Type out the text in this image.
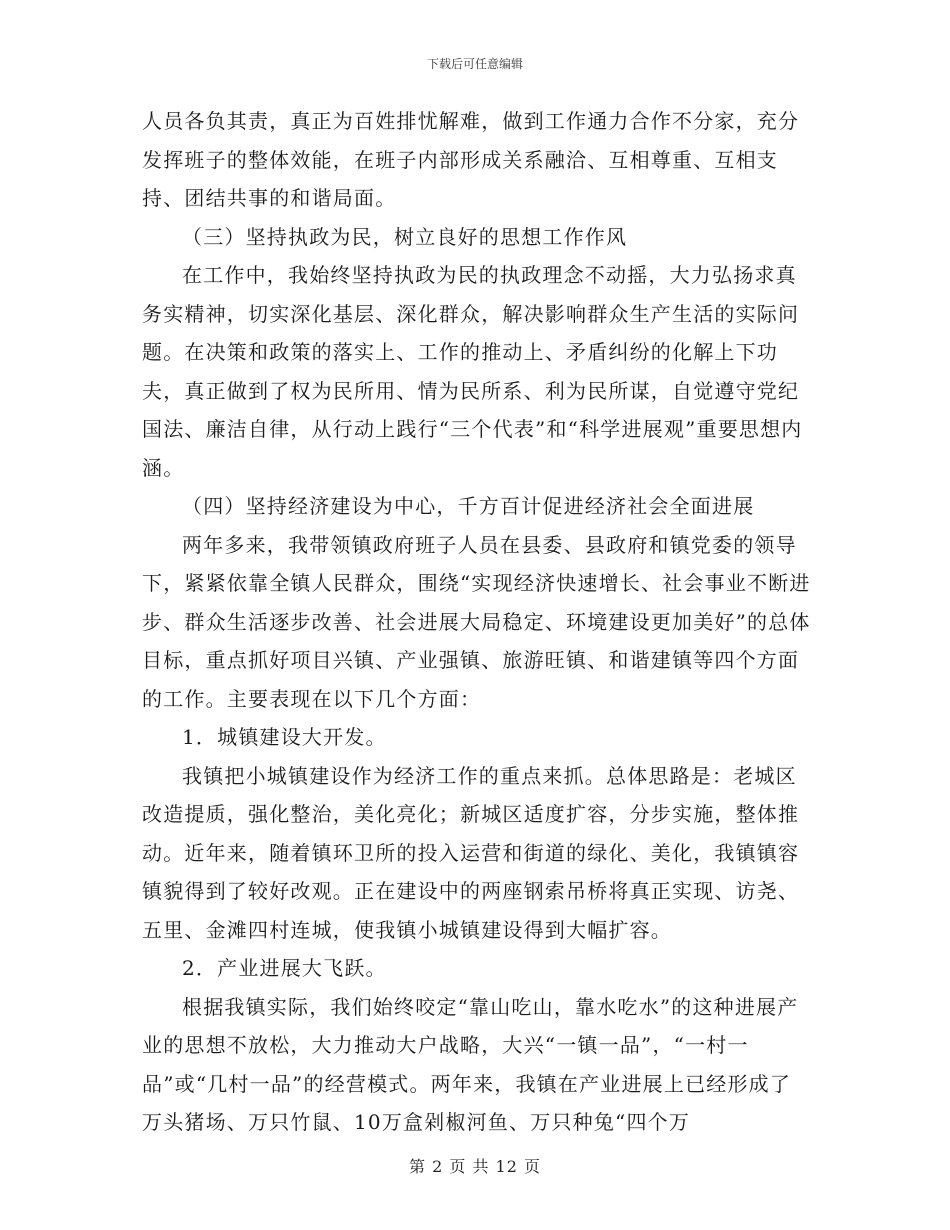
下载后可任意编辑

人员各负其责，真正为百姓排忧解难，做到工作通力合作不分家，充分发挥班子的整体效能，在班子内部形成关系融洽、互相尊重、互相支持、团结共事的和谐局面。

（三）坚持执政为民，树立良好的思想工作作风

在工作中，我始终坚持执政为民的执政理念不动摇，大力弘扬求真务实精神，切实深化基层、深化群众，解决影响群众生产生活的实际问题。在决策和政策的落实上、工作的推动上、矛盾纠纷的化解上下功夫，真正做到了权为民所用、情为民所系、利为民所谋，自觉遵守党纪国法、廉洁自律，从行动上践行“三个代表”和“科学进展观”重要思想内涵。

（四）坚持经济建设为中心，千方百计促进经济社会全面进展

两年多来，我带领镇政府班子人员在县委、县政府和镇党委的领导下，紧紧依靠全镇人民群众，围绕“实现经济快速增长、社会事业不断进步、群众生活逐步改善、社会进展大局稳定、环境建设更加美好”的总体目标，重点抓好项目兴镇、产业强镇、旅游旺镇、和谐建镇等四个方面的工作。主要表现在以下几个方面：

1．城镇建设大开发。

我镇把小城镇建设作为经济工作的重点来抓。总体思路是：老城区改造提质，强化整治，美化亮化；新城区适度扩容，分步实施，整体推动。近年来，随着镇环卫所的投入运营和街道的绿化、美化，我镇镇容镇貌得到了较好改观。正在建设中的两座钢索吊桥将真正实现、访尧、五里、金滩四村连城，使我镇小城镇建设得到大幅扩容。

2．产业进展大飞跃。

根据我镇实际，我们始终咬定“靠山吃山，靠水吃水”的这种进展产业的思想不放松，大力推动大户战略，大兴“一镇一品”，“一村一品”或“几村一品”的经营模式。两年来，我镇在产业进展上已经形成了万头猪场、万只竹鼠、10万盒剁椒河鱼、万只种兔“四个万

第 2 页 共 12 页
